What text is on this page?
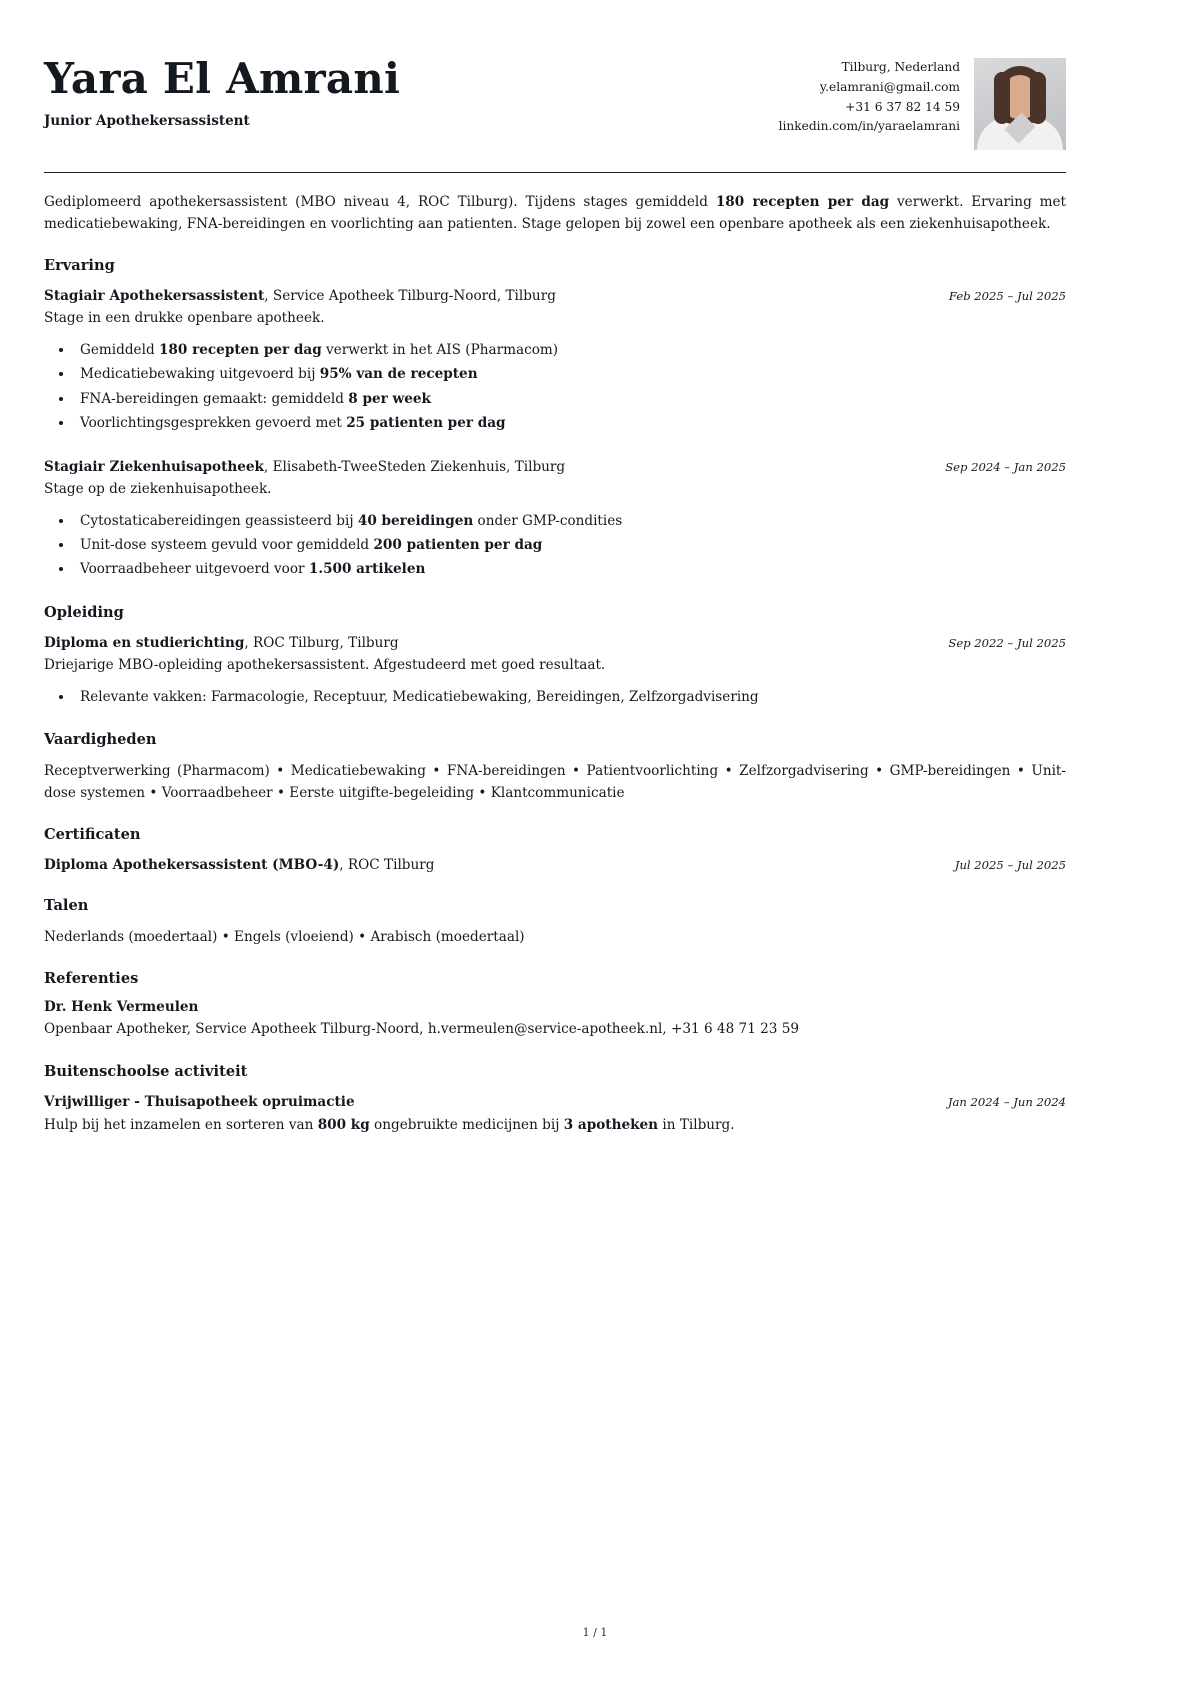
Yara El Amrani
Junior Apothekersassistent
Tilburg, Nederland
y.elamrani@gmail.com
+31 6 37 82 14 59
linkedin.com/in/yaraelamrani

Gediplomeerd apothekersassistent (MBO niveau 4, ROC Tilburg). Tijdens stages gemiddeld 180 recepten per dag verwerkt. Ervaring met medicatiebewaking, FNA-bereidingen en voorlichting aan patienten. Stage gelopen bij zowel een openbare apotheek als een ziekenhuisapotheek.

Ervaring
Stagiair Apothekersassistent, Service Apotheek Tilburg-Noord, Tilburg	Feb 2025 – Jul 2025

Stage in een drukke openbare apotheek.

• Gemiddeld 180 recepten per dag verwerkt in het AIS (Pharmacom)
• Medicatiebewaking uitgevoerd bij 95% van de recepten
• FNA-bereidingen gemaakt: gemiddeld 8 per week
• Voorlichtingsgesprekken gevoerd met 25 patienten per dag
Stagiair Ziekenhuisapotheek, Elisabeth-TweeSteden Ziekenhuis, Tilburg	Sep 2024 – Jan 2025

Stage op de ziekenhuisapotheek.

• Cytostaticabereidingen geassisteerd bij 40 bereidingen onder GMP-condities
• Unit-dose systeem gevuld voor gemiddeld 200 patienten per dag
• Voorraadbeheer uitgevoerd voor 1.500 artikelen
Opleiding
Diploma en studierichting, ROC Tilburg, Tilburg	Sep 2022 – Jul 2025

Driejarige MBO-opleiding apothekersassistent. Afgestudeerd met goed resultaat.

• Relevante vakken: Farmacologie, Receptuur, Medicatiebewaking, Bereidingen, Zelfzorgadvisering
Vaardigheden

Receptverwerking (Pharmacom) • Medicatiebewaking • FNA-bereidingen • Patientvoorlichting • Zelfzorgadvisering • GMP-bereidingen • Unit-dose systemen • Voorraadbeheer • Eerste uitgifte-begeleiding • Klantcommunicatie

Certificaten
Diploma Apothekersassistent (MBO-4), ROC Tilburg	Jul 2025 – Jul 2025
Talen

Nederlands (moedertaal) • Engels (vloeiend) • Arabisch (moedertaal)

Referenties

Dr. Henk Vermeulen

Openbaar Apotheker, Service Apotheek Tilburg-Noord, h.vermeulen@service-apotheek.nl, +31 6 48 71 23 59

Buitenschoolse activiteit
Vrijwilliger - Thuisapotheek opruimactie	Jan 2024 – Jun 2024

Hulp bij het inzamelen en sorteren van 800 kg ongebruikte medicijnen bij 3 apotheken in Tilburg.

1 / 1
